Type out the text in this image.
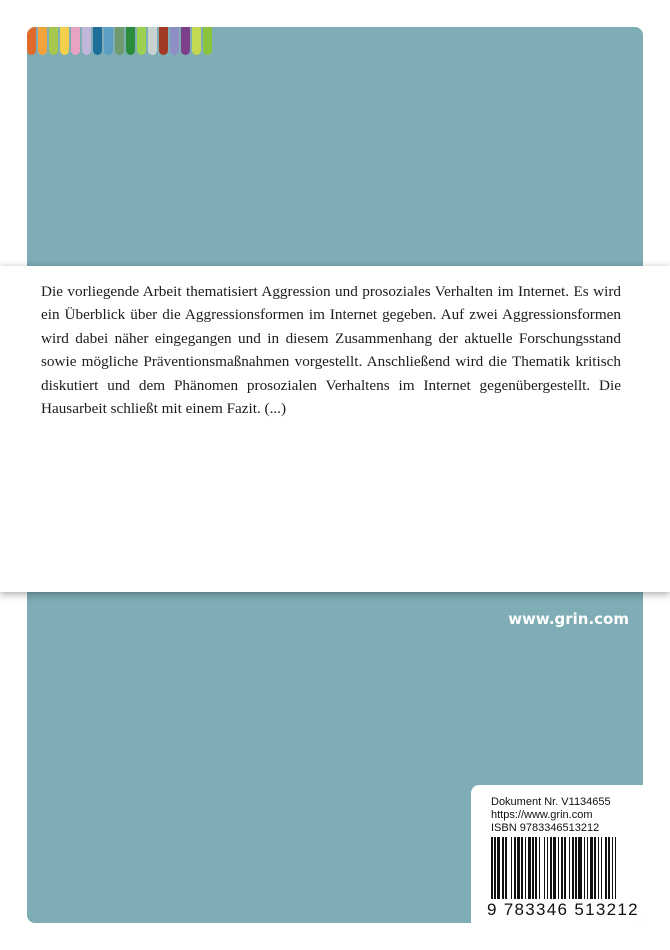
www.grin.com
Dokument Nr. V1134655
https://www.grin.com
ISBN 9783346513212
9 783346 513212

Die vorliegende Arbeit thematisiert Aggression und prosoziales Verhalten im Internet. Es wird ein Überblick über die Aggressionsformen im Internet gegeben. Auf zwei Aggressionsformen wird dabei näher eingegangen und in diesem Zusammenhang der aktuelle Forschungsstand sowie mögliche Präventionsmaßnahmen vorgestellt. Anschließend wird die Thematik kritisch diskutiert und dem Phänomen prosozialen Verhaltens im Internet gegenübergestellt. Die Hausarbeit schließt mit einem Fazit. (...)
